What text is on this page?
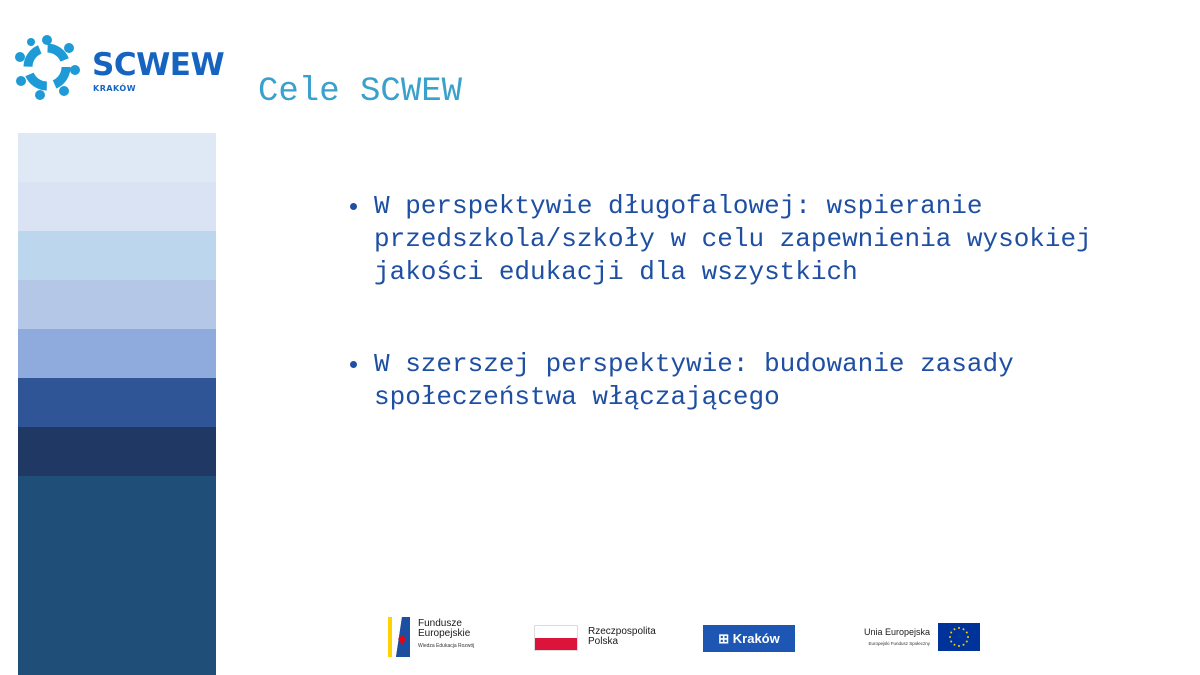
SCWEW
KRAKÓW	Cele SCWEW
W perspektywie długofalowej: wspieranie przedszkola/szkoły w celu zapewnienia wysokiej jakości edukacji dla wszystkich
W szerszej perspektywie: budowanie zasady społeczeństwa włączającego
Fundusze
Europejskie
Wiedza Edukacja Rozwój
Rzeczpospolita
Polska	⊞ Kraków	Unia Europejska
Europejski Fundusz Społeczny
